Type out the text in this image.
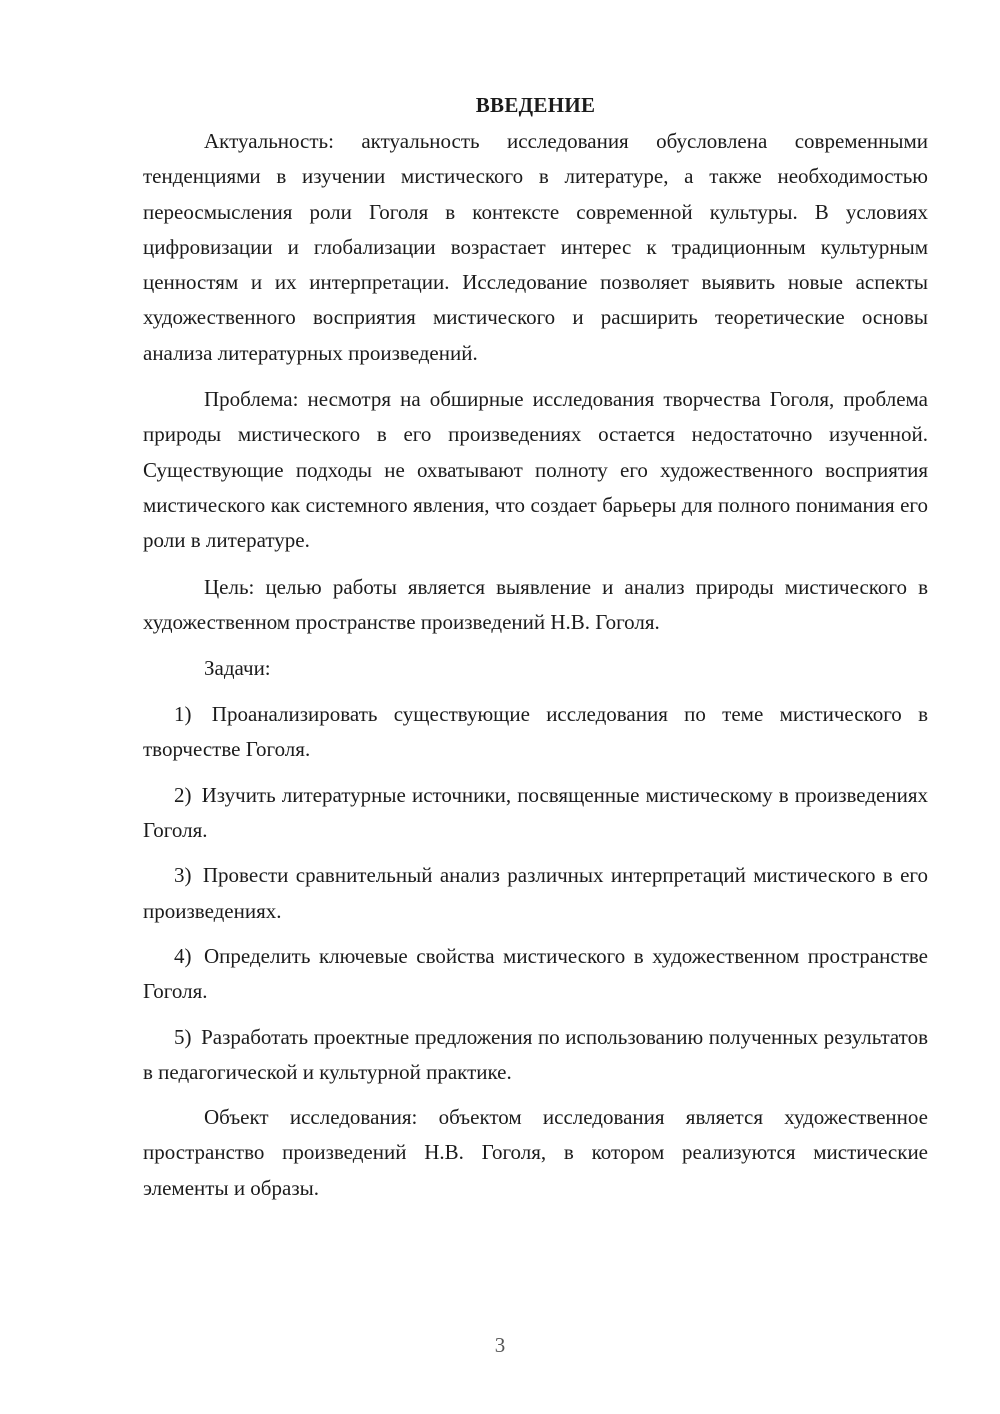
ВВЕДЕНИЕ

Актуальность: актуальность исследования обусловлена современными тенденциями в изучении мистического в литературе, а также необходимостью переосмысления роли Гоголя в контексте современной культуры. В условиях цифровизации и глобализации возрастает интерес к традиционным культурным ценностям и их интерпретации. Исследование позволяет выявить новые аспекты художественного восприятия мистического и расширить теоретические основы анализа литературных произведений.

Проблема: несмотря на обширные исследования творчества Гоголя, проблема природы мистического в его произведениях остается недостаточно изученной. Существующие подходы не охватывают полноту его художественного восприятия мистического как системного явления, что создает барьеры для полного понимания его роли в литературе.

Цель: целью работы является выявление и анализ природы мистического в художественном пространстве произведений Н.В. Гоголя.

Задачи:

1) Проанализировать существующие исследования по теме мистического в творчестве Гоголя.

2) Изучить литературные источники, посвященные мистическому в произведениях Гоголя.

3) Провести сравнительный анализ различных интерпретаций мистического в его произведениях.

4) Определить ключевые свойства мистического в художественном пространстве Гоголя.

5) Разработать проектные предложения по использованию полученных результатов в педагогической и культурной практике.

Объект исследования: объектом исследования является художественное пространство произведений Н.В. Гоголя, в котором реализуются мистические элементы и образы.

3
